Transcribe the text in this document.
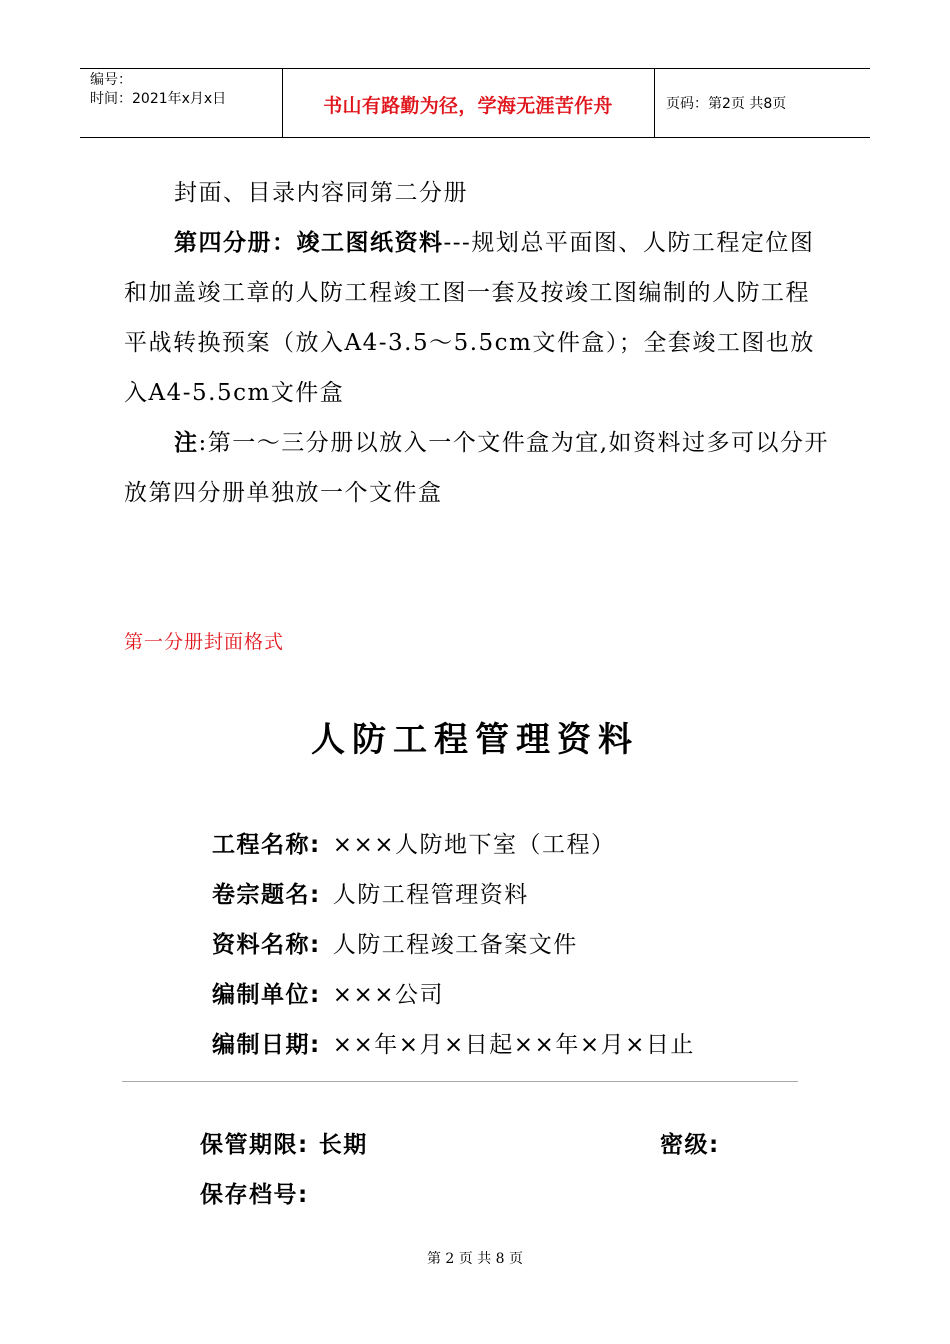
编号：
时间：2021年x月x日	书山有路勤为径，学海无涯苦作舟	页码：第2页 共8页
封面、目录内容同第二分册
第四分册：竣工图纸资料---规划总平面图、人防工程定位图和加盖竣工章的人防工程竣工图一套及按竣工图编制的人防工程平战转换预案（放入A4-3.5～5.5cm文件盒）；全套竣工图也放入A4-5.5cm文件盒
注:第一～三分册以放入一个文件盒为宜,如资料过多可以分开放第四分册单独放一个文件盒
第一分册封面格式
人防工程管理资料
工程名称: ×××人防地下室（工程）
卷宗题名: 人防工程管理资料
资料名称: 人防工程竣工备案文件
编制单位: ×××公司
编制日期: ××年×月×日起××年×月×日止
保管期限: 长期	密级:
保存档号:
第 2 页 共 8 页
